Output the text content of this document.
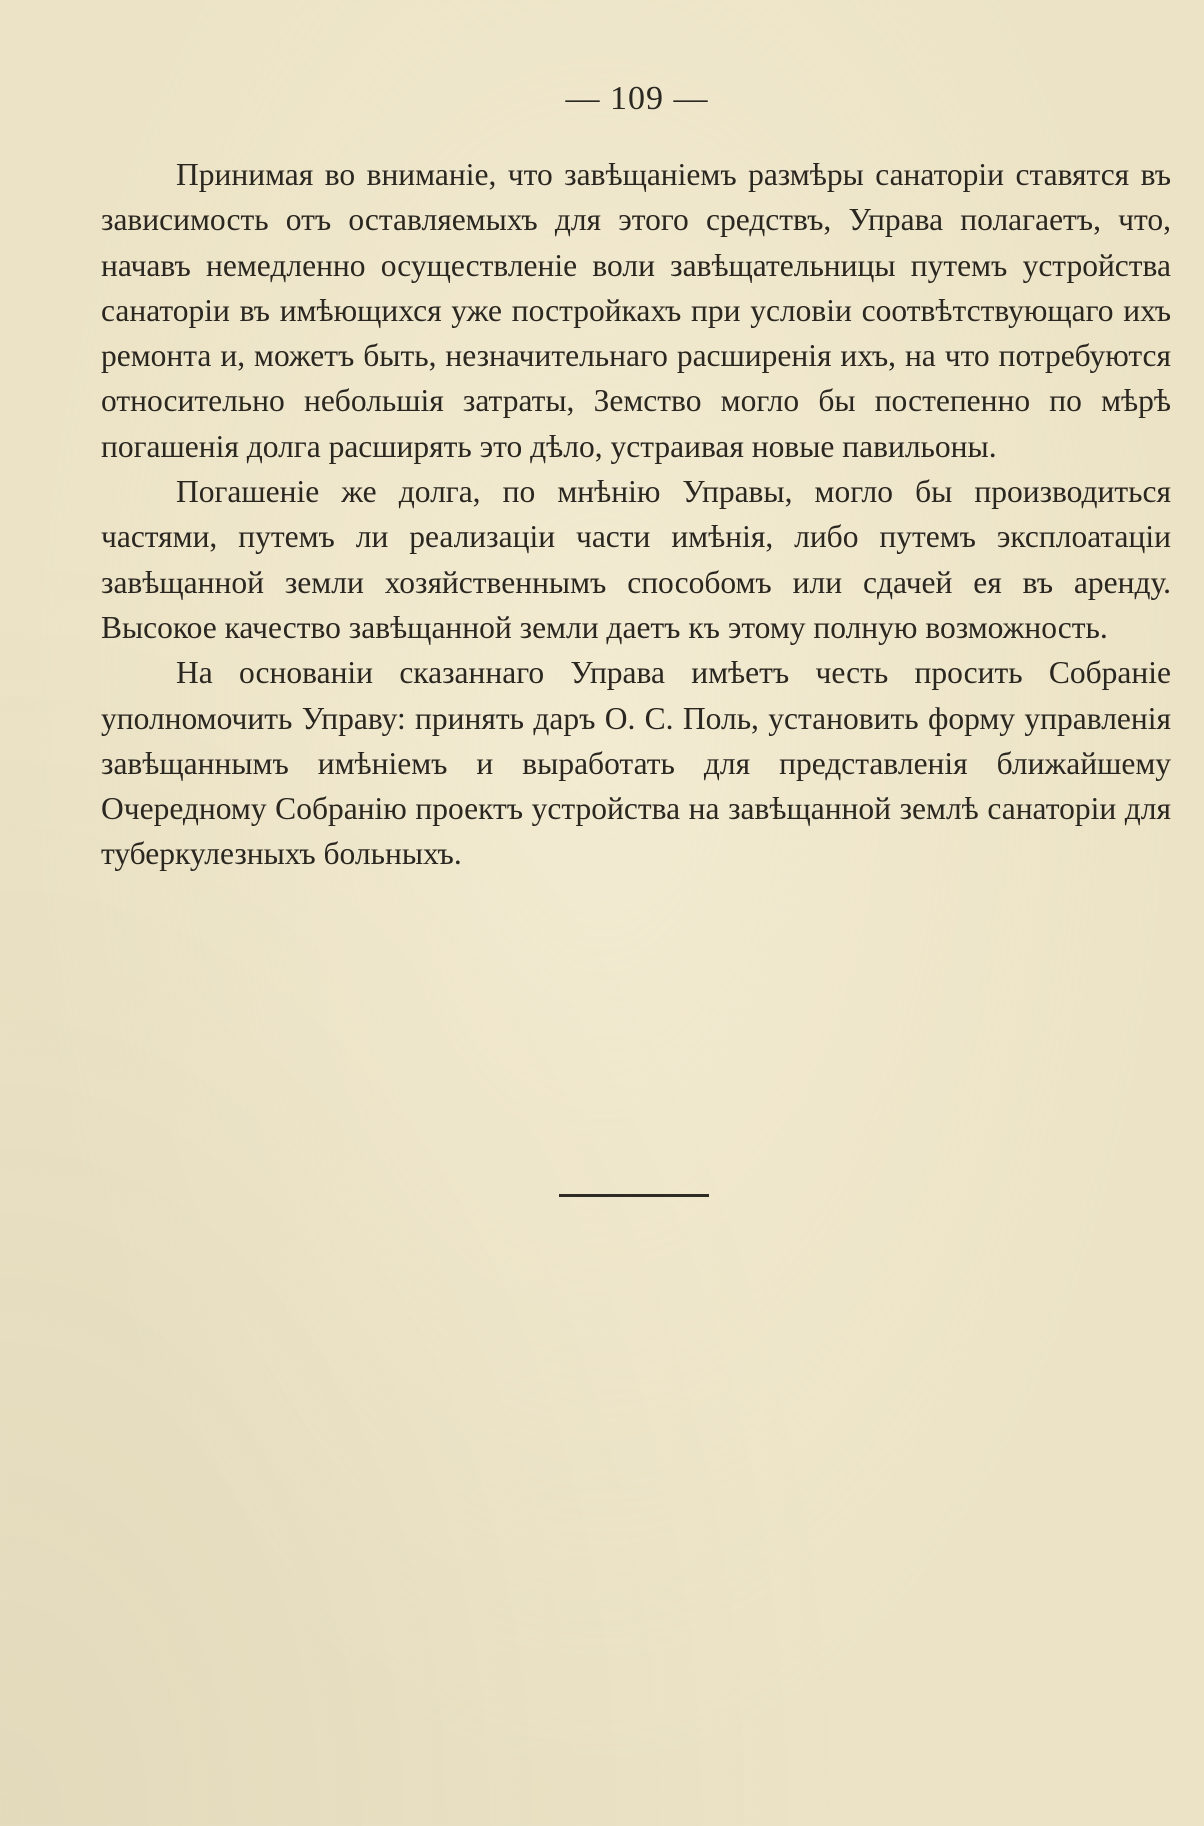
— 109 —

Принимая во вниманіе, что завѣщаніемъ размѣры санаторіи ставятся въ зависимость отъ оставляемыхъ для этого средствъ, Управа полагаетъ, что, начавъ немедленно осуществленіе воли завѣщательницы путемъ устройства санаторіи въ имѣющихся уже постройкахъ при условіи соотвѣтствующаго ихъ ремонта и, можетъ быть, незначительнаго расширенія ихъ, на что потребуются относительно небольшія затраты, Земство могло бы постепенно по мѣрѣ погашенія долга расширять это дѣло, устраивая новые павильоны.

Погашеніе же долга, по мнѣнію Управы, могло бы производиться частями, путемъ ли реализаціи части имѣнія, либо путемъ эксплоатаціи завѣщанной земли хозяйственнымъ способомъ или сдачей ея въ аренду. Высокое качество завѣщанной земли даетъ къ этому полную возможность.

На основаніи сказаннаго Управа имѣетъ честь просить Собраніе уполномочить Управу: принять даръ О. С. Поль, установить форму управленія завѣщаннымъ имѣніемъ и выработать для представленія ближайшему Очередному Собранію проектъ устройства на завѣщанной землѣ санаторіи для туберкулезныхъ больныхъ.
